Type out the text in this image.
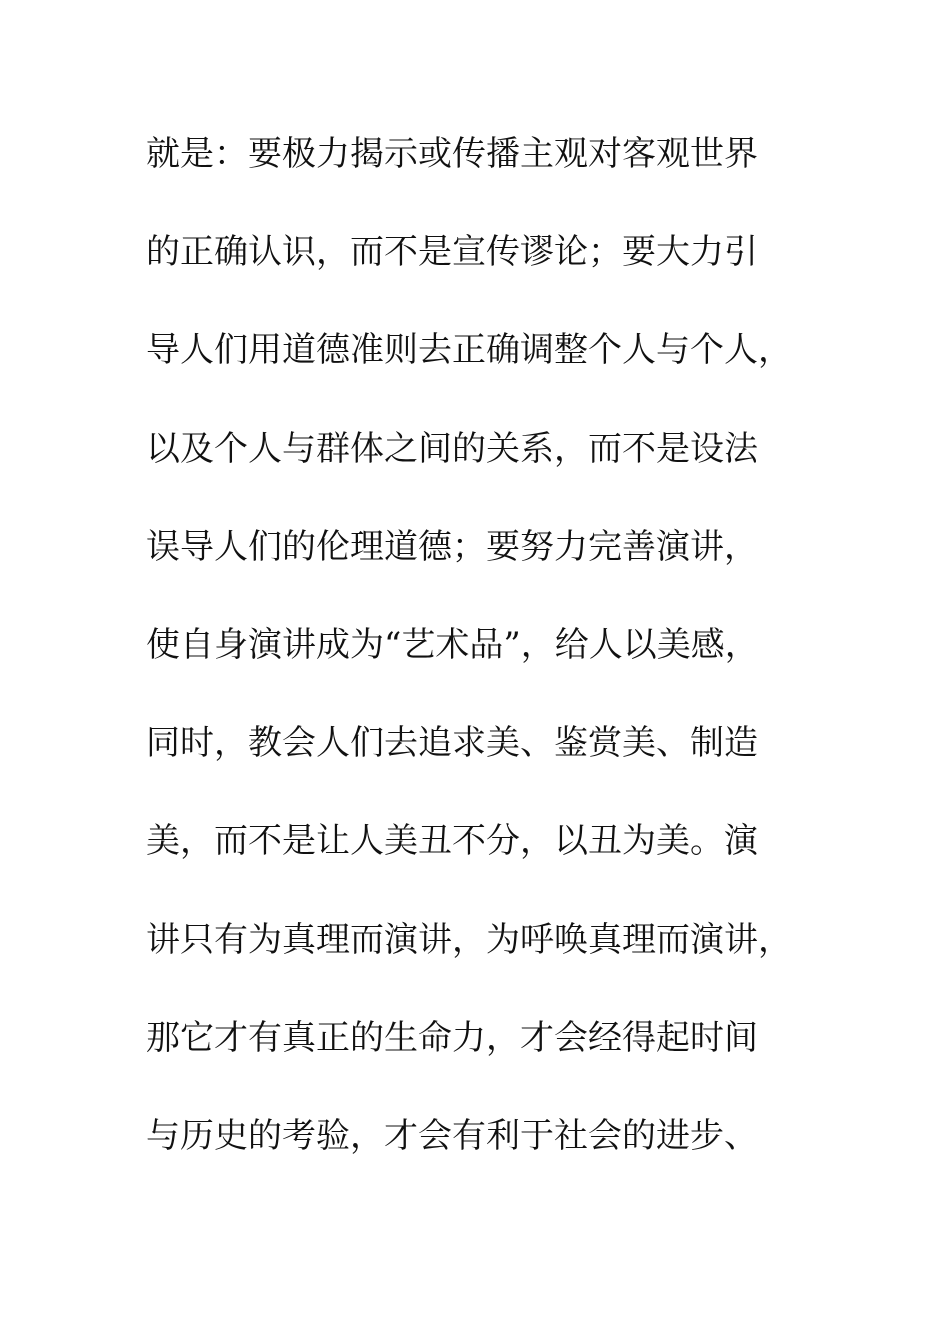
就是：要极力揭示或传播主观对客观世界
的正确认识，而不是宣传谬论；要大力引
导人们用道德准则去正确调整个人与个人，
以及个人与群体之间的关系，而不是设法
误导人们的伦理道德；要努力完善演讲，
使自身演讲成为“艺术品”，给人以美感，
同时，教会人们去追求美、鉴赏美、制造
美，而不是让人美丑不分，以丑为美。演
讲只有为真理而演讲，为呼唤真理而演讲，
那它才有真正的生命力，才会经得起时间
与历史的考验，才会有利于社会的进步、
